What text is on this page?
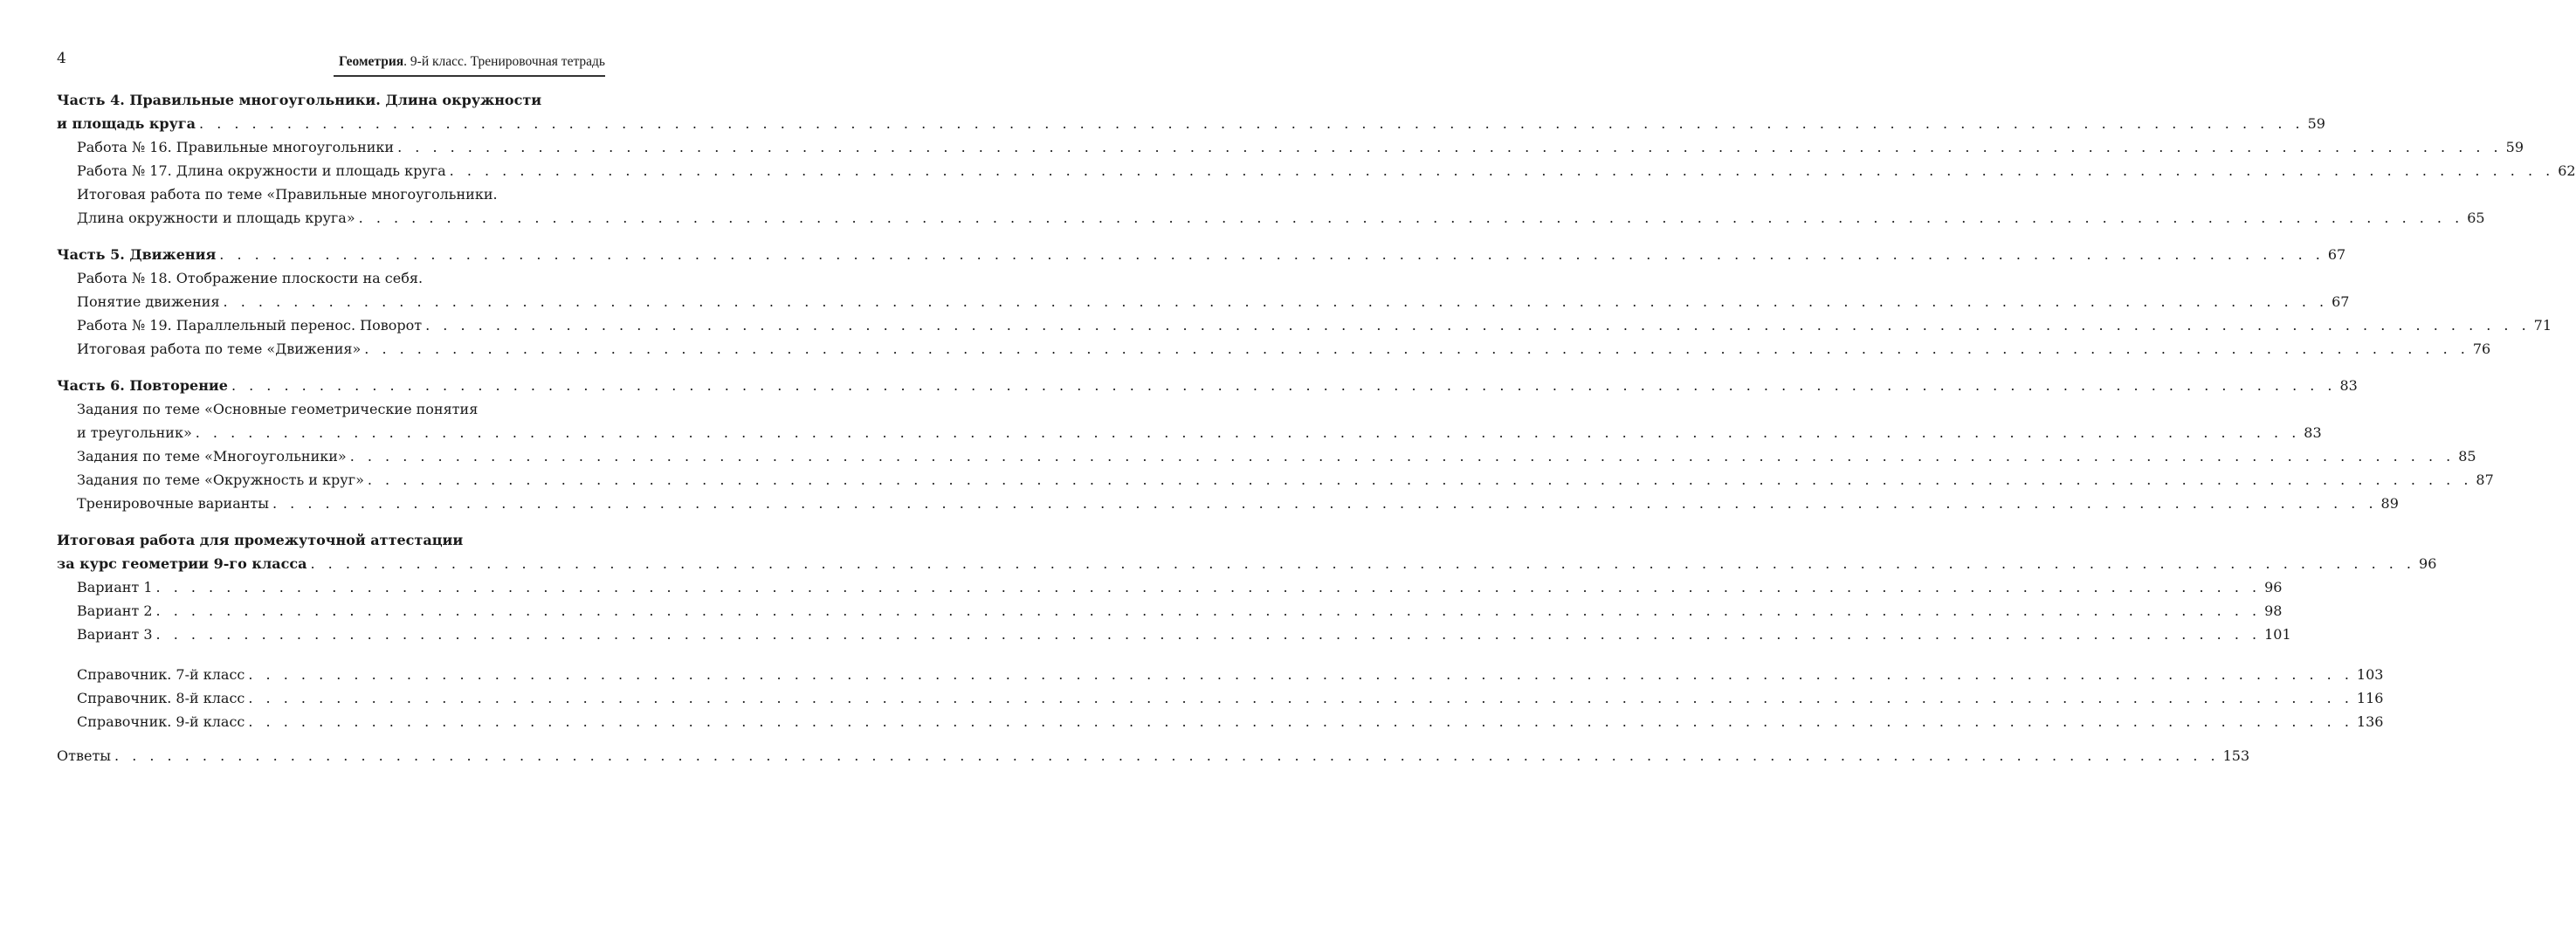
4	Геометрия. 9-й класс. Тренировочная тетрадь
Часть 4. Правильные многоугольники. Длина окружности
и площадь круга . . . . . . . . . . . . . . . . . . . . . . . . . . . . . . . . . . . . . . . . . . . . . . . . . . . . . . . . . . . . . . . . . . . . . . . . . . . . . . . . . . . . . . . . . . . . . . . . . . . . . . . . . . . . . . . . . . . . . . . . 59
Работа № 16. Правильные многоугольники . . . . . . . . . . . . . . . . . . . . . . . . . . . . . . . . . . . . . . . . . . . . . . . . . . . . . . . . . . . . . . . . . . . . . . . . . . . . . . . . . . . . . . . . . . . . . . . . . . . . . . . . . . . . . . . . . . . . . . . . 59
Работа № 17. Длина окружности и площадь круга . . . . . . . . . . . . . . . . . . . . . . . . . . . . . . . . . . . . . . . . . . . . . . . . . . . . . . . . . . . . . . . . . . . . . . . . . . . . . . . . . . . . . . . . . . . . . . . . . . . . . . . . . . . . . . . . . . . . . . . . 62
Итоговая работа по теме «Правильные многоугольники.
Длина окружности и площадь круга» . . . . . . . . . . . . . . . . . . . . . . . . . . . . . . . . . . . . . . . . . . . . . . . . . . . . . . . . . . . . . . . . . . . . . . . . . . . . . . . . . . . . . . . . . . . . . . . . . . . . . . . . . . . . . . . . . . . . . . . . 65
Часть 5. Движения . . . . . . . . . . . . . . . . . . . . . . . . . . . . . . . . . . . . . . . . . . . . . . . . . . . . . . . . . . . . . . . . . . . . . . . . . . . . . . . . . . . . . . . . . . . . . . . . . . . . . . . . . . . . . . . . . . . . . . . . 67
Работа № 18. Отображение плоскости на себя.
Понятие движения . . . . . . . . . . . . . . . . . . . . . . . . . . . . . . . . . . . . . . . . . . . . . . . . . . . . . . . . . . . . . . . . . . . . . . . . . . . . . . . . . . . . . . . . . . . . . . . . . . . . . . . . . . . . . . . . . . . . . . . . 67
Работа № 19. Параллельный перенос. Поворот . . . . . . . . . . . . . . . . . . . . . . . . . . . . . . . . . . . . . . . . . . . . . . . . . . . . . . . . . . . . . . . . . . . . . . . . . . . . . . . . . . . . . . . . . . . . . . . . . . . . . . . . . . . . . . . . . . . . . . . . 71
Итоговая работа по теме «Движения» . . . . . . . . . . . . . . . . . . . . . . . . . . . . . . . . . . . . . . . . . . . . . . . . . . . . . . . . . . . . . . . . . . . . . . . . . . . . . . . . . . . . . . . . . . . . . . . . . . . . . . . . . . . . . . . . . . . . . . . . 76
Часть 6. Повторение . . . . . . . . . . . . . . . . . . . . . . . . . . . . . . . . . . . . . . . . . . . . . . . . . . . . . . . . . . . . . . . . . . . . . . . . . . . . . . . . . . . . . . . . . . . . . . . . . . . . . . . . . . . . . . . . . . . . . . . . 83
Задания по теме «Основные геометрические понятия
и треугольник» . . . . . . . . . . . . . . . . . . . . . . . . . . . . . . . . . . . . . . . . . . . . . . . . . . . . . . . . . . . . . . . . . . . . . . . . . . . . . . . . . . . . . . . . . . . . . . . . . . . . . . . . . . . . . . . . . . . . . . . . 83
Задания по теме «Многоугольники» . . . . . . . . . . . . . . . . . . . . . . . . . . . . . . . . . . . . . . . . . . . . . . . . . . . . . . . . . . . . . . . . . . . . . . . . . . . . . . . . . . . . . . . . . . . . . . . . . . . . . . . . . . . . . . . . . . . . . . . . 85
Задания по теме «Окружность и круг» . . . . . . . . . . . . . . . . . . . . . . . . . . . . . . . . . . . . . . . . . . . . . . . . . . . . . . . . . . . . . . . . . . . . . . . . . . . . . . . . . . . . . . . . . . . . . . . . . . . . . . . . . . . . . . . . . . . . . . . . 87
Тренировочные варианты . . . . . . . . . . . . . . . . . . . . . . . . . . . . . . . . . . . . . . . . . . . . . . . . . . . . . . . . . . . . . . . . . . . . . . . . . . . . . . . . . . . . . . . . . . . . . . . . . . . . . . . . . . . . . . . . . . . . . . . . 89
Итоговая работа для промежуточной аттестации
за курс геометрии 9-го класса . . . . . . . . . . . . . . . . . . . . . . . . . . . . . . . . . . . . . . . . . . . . . . . . . . . . . . . . . . . . . . . . . . . . . . . . . . . . . . . . . . . . . . . . . . . . . . . . . . . . . . . . . . . . . . . . . . . . . . . . 96
Вариант 1 . . . . . . . . . . . . . . . . . . . . . . . . . . . . . . . . . . . . . . . . . . . . . . . . . . . . . . . . . . . . . . . . . . . . . . . . . . . . . . . . . . . . . . . . . . . . . . . . . . . . . . . . . . . . . . . . . . . . . . . . 96
Вариант 2 . . . . . . . . . . . . . . . . . . . . . . . . . . . . . . . . . . . . . . . . . . . . . . . . . . . . . . . . . . . . . . . . . . . . . . . . . . . . . . . . . . . . . . . . . . . . . . . . . . . . . . . . . . . . . . . . . . . . . . . . 98
Вариант 3 . . . . . . . . . . . . . . . . . . . . . . . . . . . . . . . . . . . . . . . . . . . . . . . . . . . . . . . . . . . . . . . . . . . . . . . . . . . . . . . . . . . . . . . . . . . . . . . . . . . . . . . . . . . . . . . . . . . . . . . . 101
Справочник. 7-й класс . . . . . . . . . . . . . . . . . . . . . . . . . . . . . . . . . . . . . . . . . . . . . . . . . . . . . . . . . . . . . . . . . . . . . . . . . . . . . . . . . . . . . . . . . . . . . . . . . . . . . . . . . . . . . . . . . . . . . . . . 103
Справочник. 8-й класс . . . . . . . . . . . . . . . . . . . . . . . . . . . . . . . . . . . . . . . . . . . . . . . . . . . . . . . . . . . . . . . . . . . . . . . . . . . . . . . . . . . . . . . . . . . . . . . . . . . . . . . . . . . . . . . . . . . . . . . . 116
Справочник. 9-й класс . . . . . . . . . . . . . . . . . . . . . . . . . . . . . . . . . . . . . . . . . . . . . . . . . . . . . . . . . . . . . . . . . . . . . . . . . . . . . . . . . . . . . . . . . . . . . . . . . . . . . . . . . . . . . . . . . . . . . . . . 136
Ответы . . . . . . . . . . . . . . . . . . . . . . . . . . . . . . . . . . . . . . . . . . . . . . . . . . . . . . . . . . . . . . . . . . . . . . . . . . . . . . . . . . . . . . . . . . . . . . . . . . . . . . . . . . . . . . . . . . . . . . . . 153
